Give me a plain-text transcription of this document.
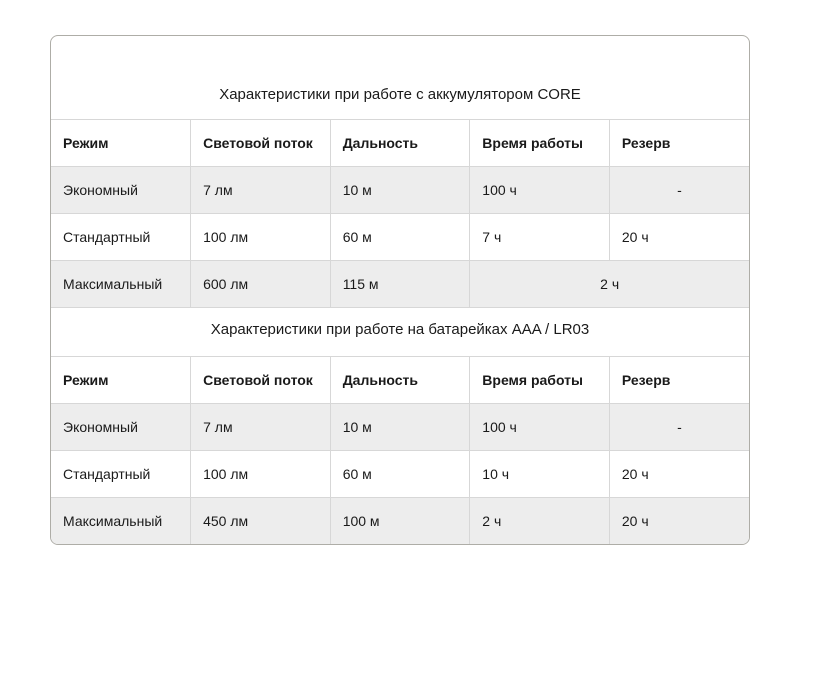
Характеристики при работе с аккумулятором CORE
Режим	Световой поток	Дальность	Время работы	Резерв
Экономный	7 лм	10 м	100 ч	-
Стандартный	100 лм	60 м	7 ч	20 ч
Максимальный	600 лм	115 м	2 ч	
Характеристики при работе на батарейках AAA / LR03
Режим	Световой поток	Дальность	Время работы	Резерв
Экономный	7 лм	10 м	100 ч	-
Стандартный	100 лм	60 м	10 ч	20 ч
Максимальный	450 лм	100 м	2 ч	20 ч
